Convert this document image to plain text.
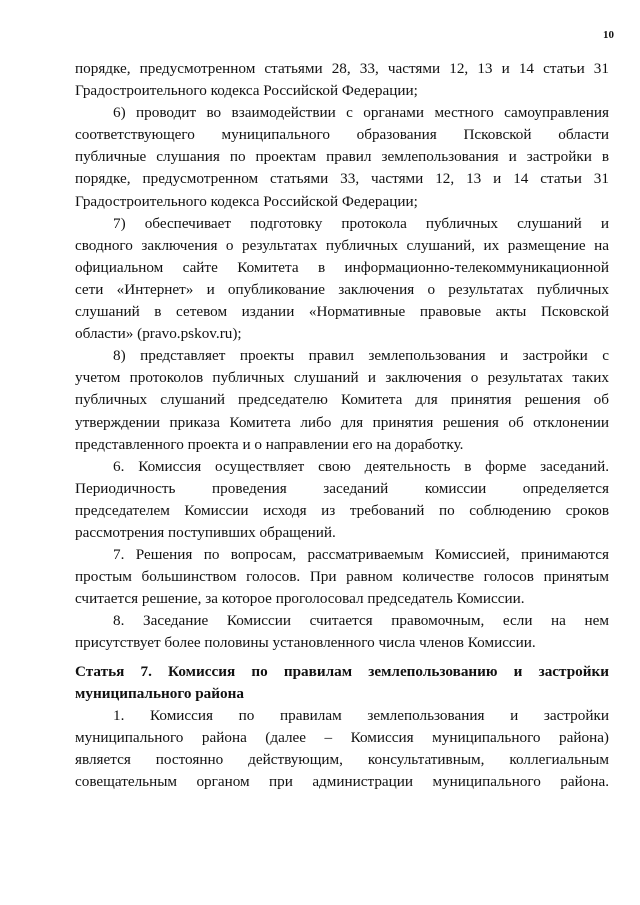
10

порядке, предусмотренном статьями 28, 33, частями 12, 13 и 14 статьи 31

Градостроительного кодекса Российской Федерации;

6) проводит во взаимодействии с органами местного самоуправления

соответствующего муниципального образования Псковской области

публичные слушания по проектам правил землепользования и застройки в

порядке, предусмотренном статьями 33, частями 12, 13 и 14 статьи 31

Градостроительного кодекса Российской Федерации;

7) обеспечивает подготовку протокола публичных слушаний и

сводного заключения о результатах публичных слушаний, их размещение на

официальном сайте Комитета в информационно-телекоммуникационной

сети «Интернет» и опубликование заключения о результатах публичных

слушаний в сетевом издании «Нормативные правовые акты Псковской

области» (pravo.pskov.ru);

8) представляет проекты правил землепользования и застройки с

учетом протоколов публичных слушаний и заключения о результатах таких

публичных слушаний председателю Комитета для принятия решения об

утверждении приказа Комитета либо для принятия решения об отклонении

представленного проекта и о направлении его на доработку.

6. Комиссия осуществляет свою деятельность в форме заседаний.

Периодичность проведения заседаний комиссии определяется

председателем Комиссии исходя из требований по соблюдению сроков

рассмотрения поступивших обращений.

7. Решения по вопросам, рассматриваемым Комиссией, принимаются

простым большинством голосов. При равном количестве голосов принятым

считается решение, за которое проголосовал председатель Комиссии.

8. Заседание Комиссии считается правомочным, если на нем

присутствует более половины установленного числа членов Комиссии.

Статья 7. Комиссия по правилам землепользованию и застройки

муниципального района

1. Комиссия по правилам землепользования и застройки

муниципального района (далее – Комиссия муниципального района)

является постоянно действующим, консультативным, коллегиальным

совещательным органом при администрации муниципального района.
